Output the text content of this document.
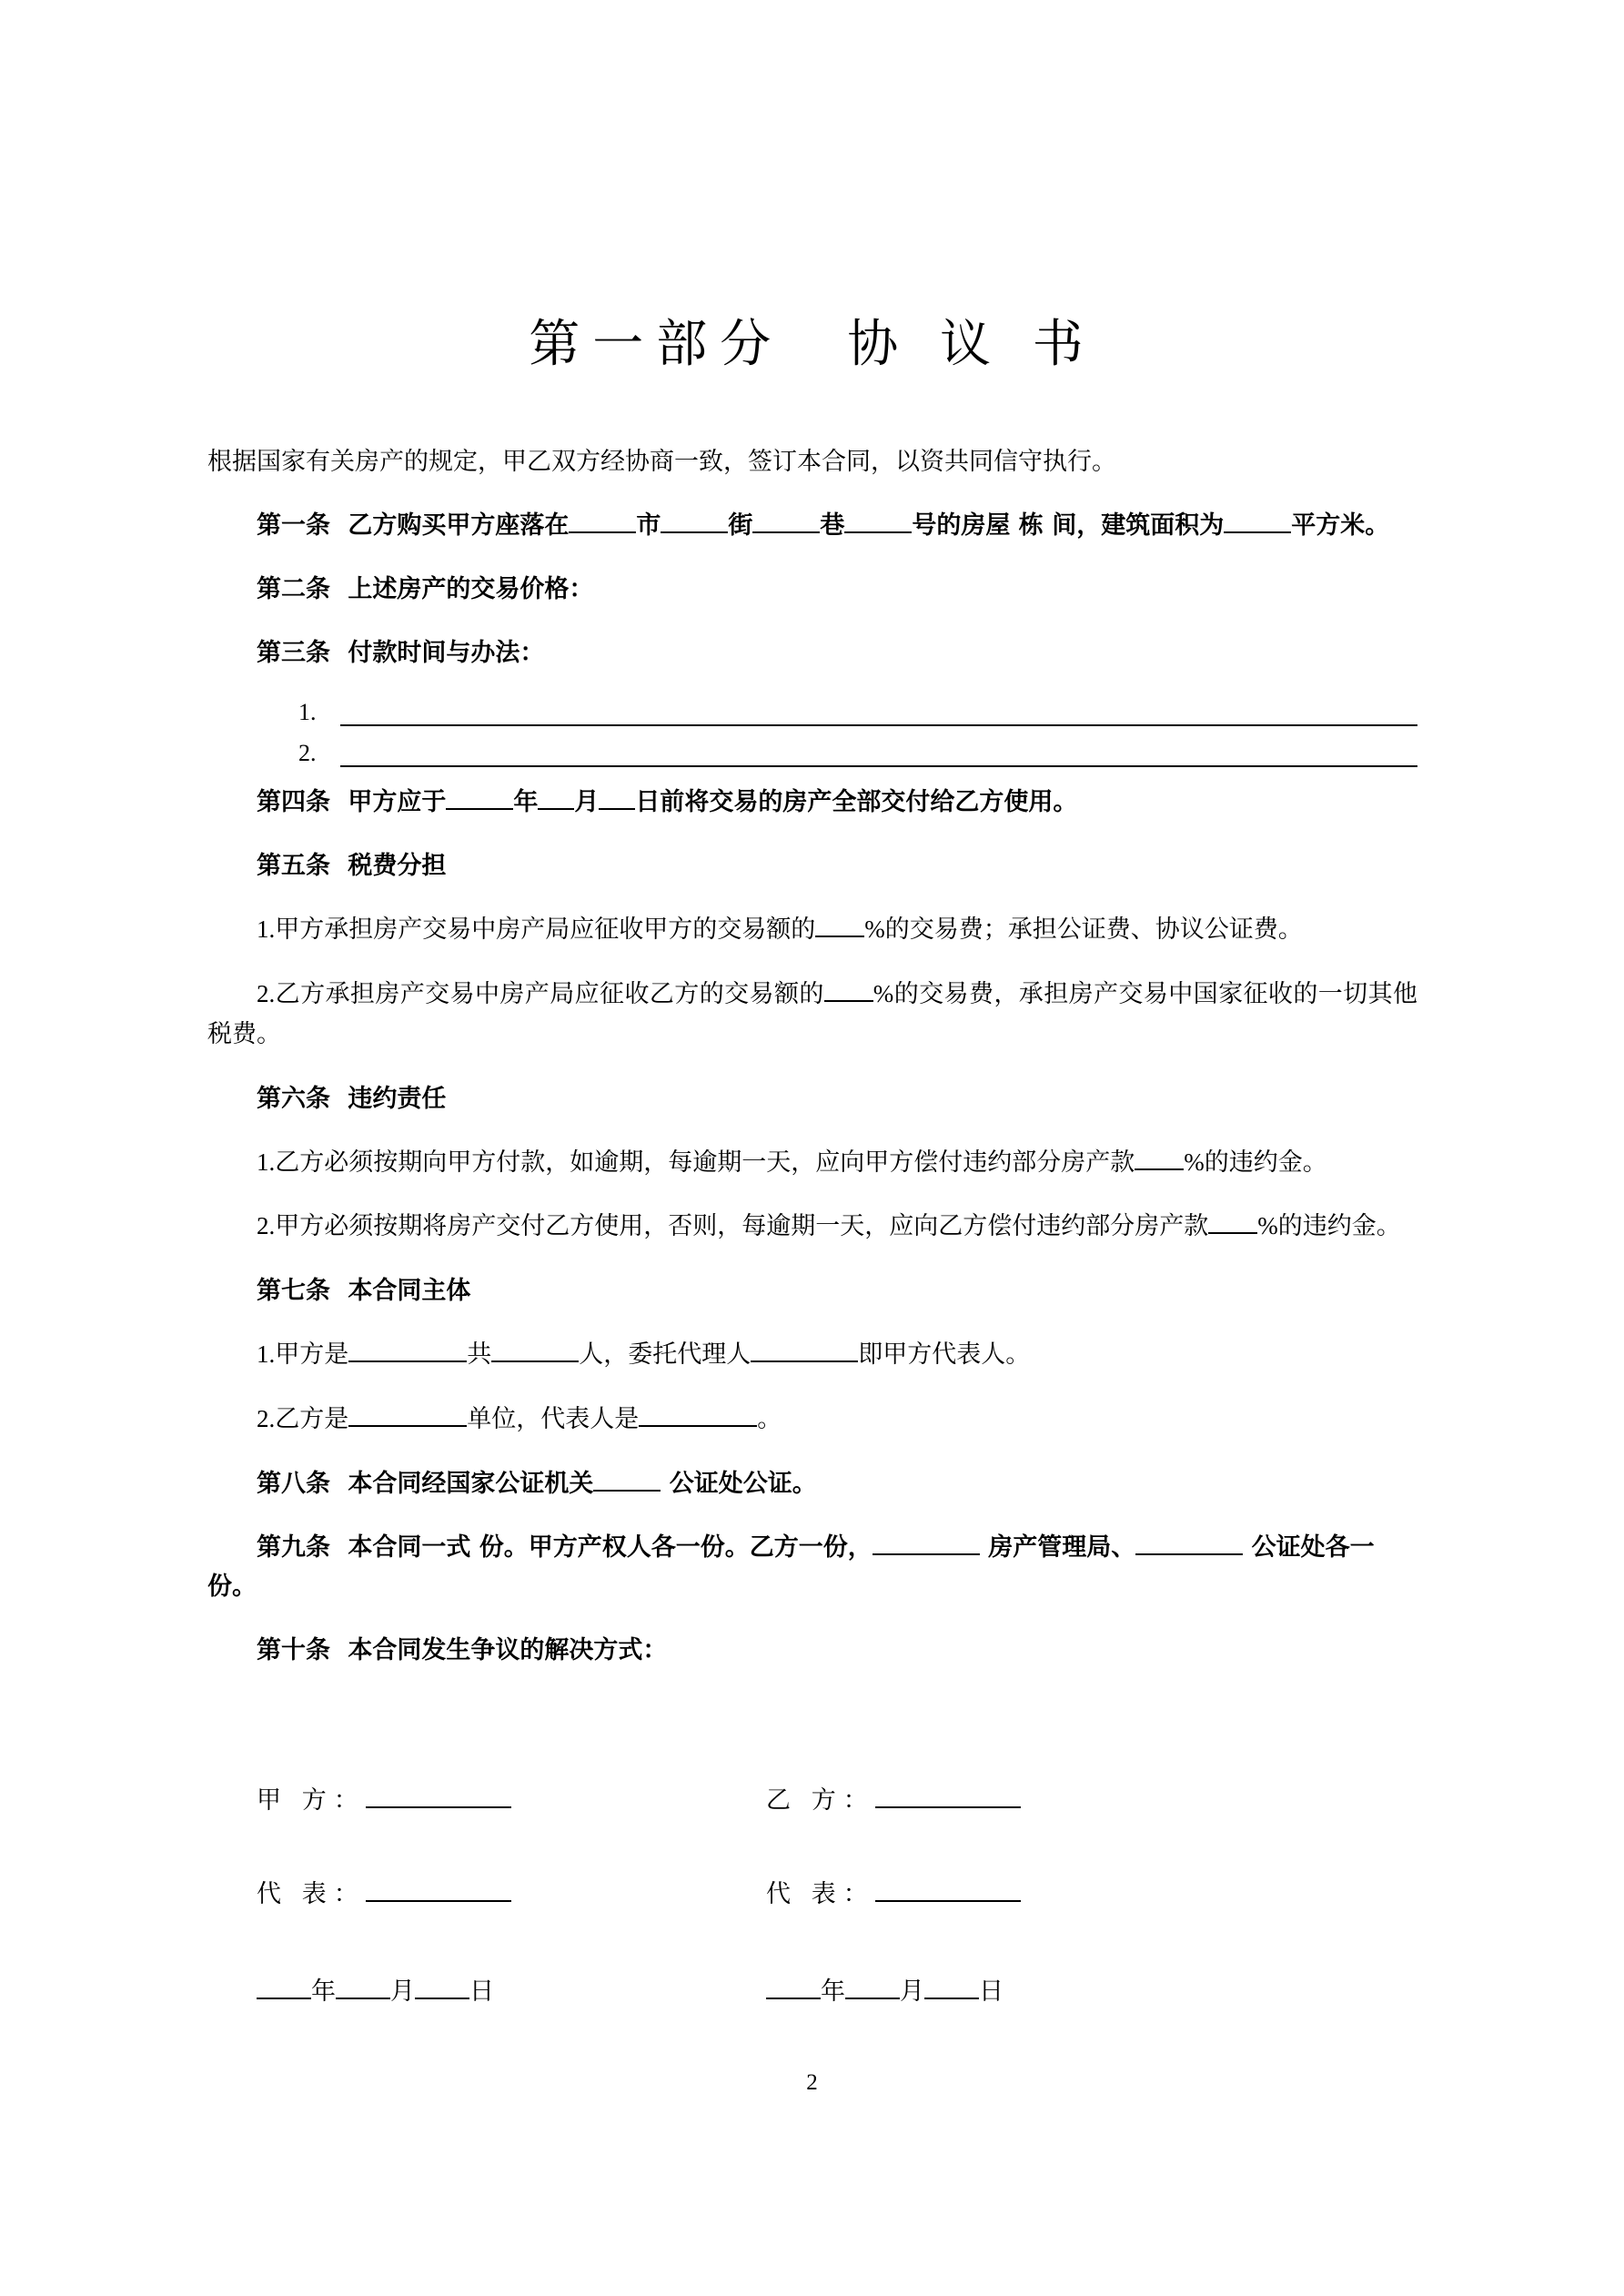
第一部分　协 议 书

根据国家有关房产的规定，甲乙双方经协商一致，签订本合同，以资共同信守执行。

第一条 乙方购买甲方座落在	市	街	巷	号的房屋 栋 间，建筑面积为	平方米。

第二条 上述房产的交易价格：

第三条 付款时间与办法：

1.
2.

第四条 甲方应于	年 月 日前将交易的房产全部交付给乙方使用。

第五条 税费分担

1.甲方承担房产交易中房产局应征收甲方的交易额的 %的交易费；承担公证费、协议公证费。

2.乙方承担房产交易中房产局应征收乙方的交易额的 %的交易费，承担房产交易中国家征收的一切其他税费。

第六条 违约责任

1.乙方必须按期向甲方付款，如逾期，每逾期一天，应向甲方偿付违约部分房产款 %的违约金。

2.甲方必须按期将房产交付乙方使用，否则，每逾期一天，应向乙方偿付违约部分房产款 %的违约金。

第七条 本合同主体

1.甲方是	共	人，委托代理人	即甲方代表人。

2.乙方是	单位，代表人是	。

第八条 本合同经国家公证机关	公证处公证。

第九条 本合同一式 份。甲方产权人各一份。乙方一份，	房产管理局、	公证处各一份。

第十条 本合同发生争议的解决方式：

甲 方：	乙 方：
代 表：	代 表：
年 月 日	年 月 日
2
